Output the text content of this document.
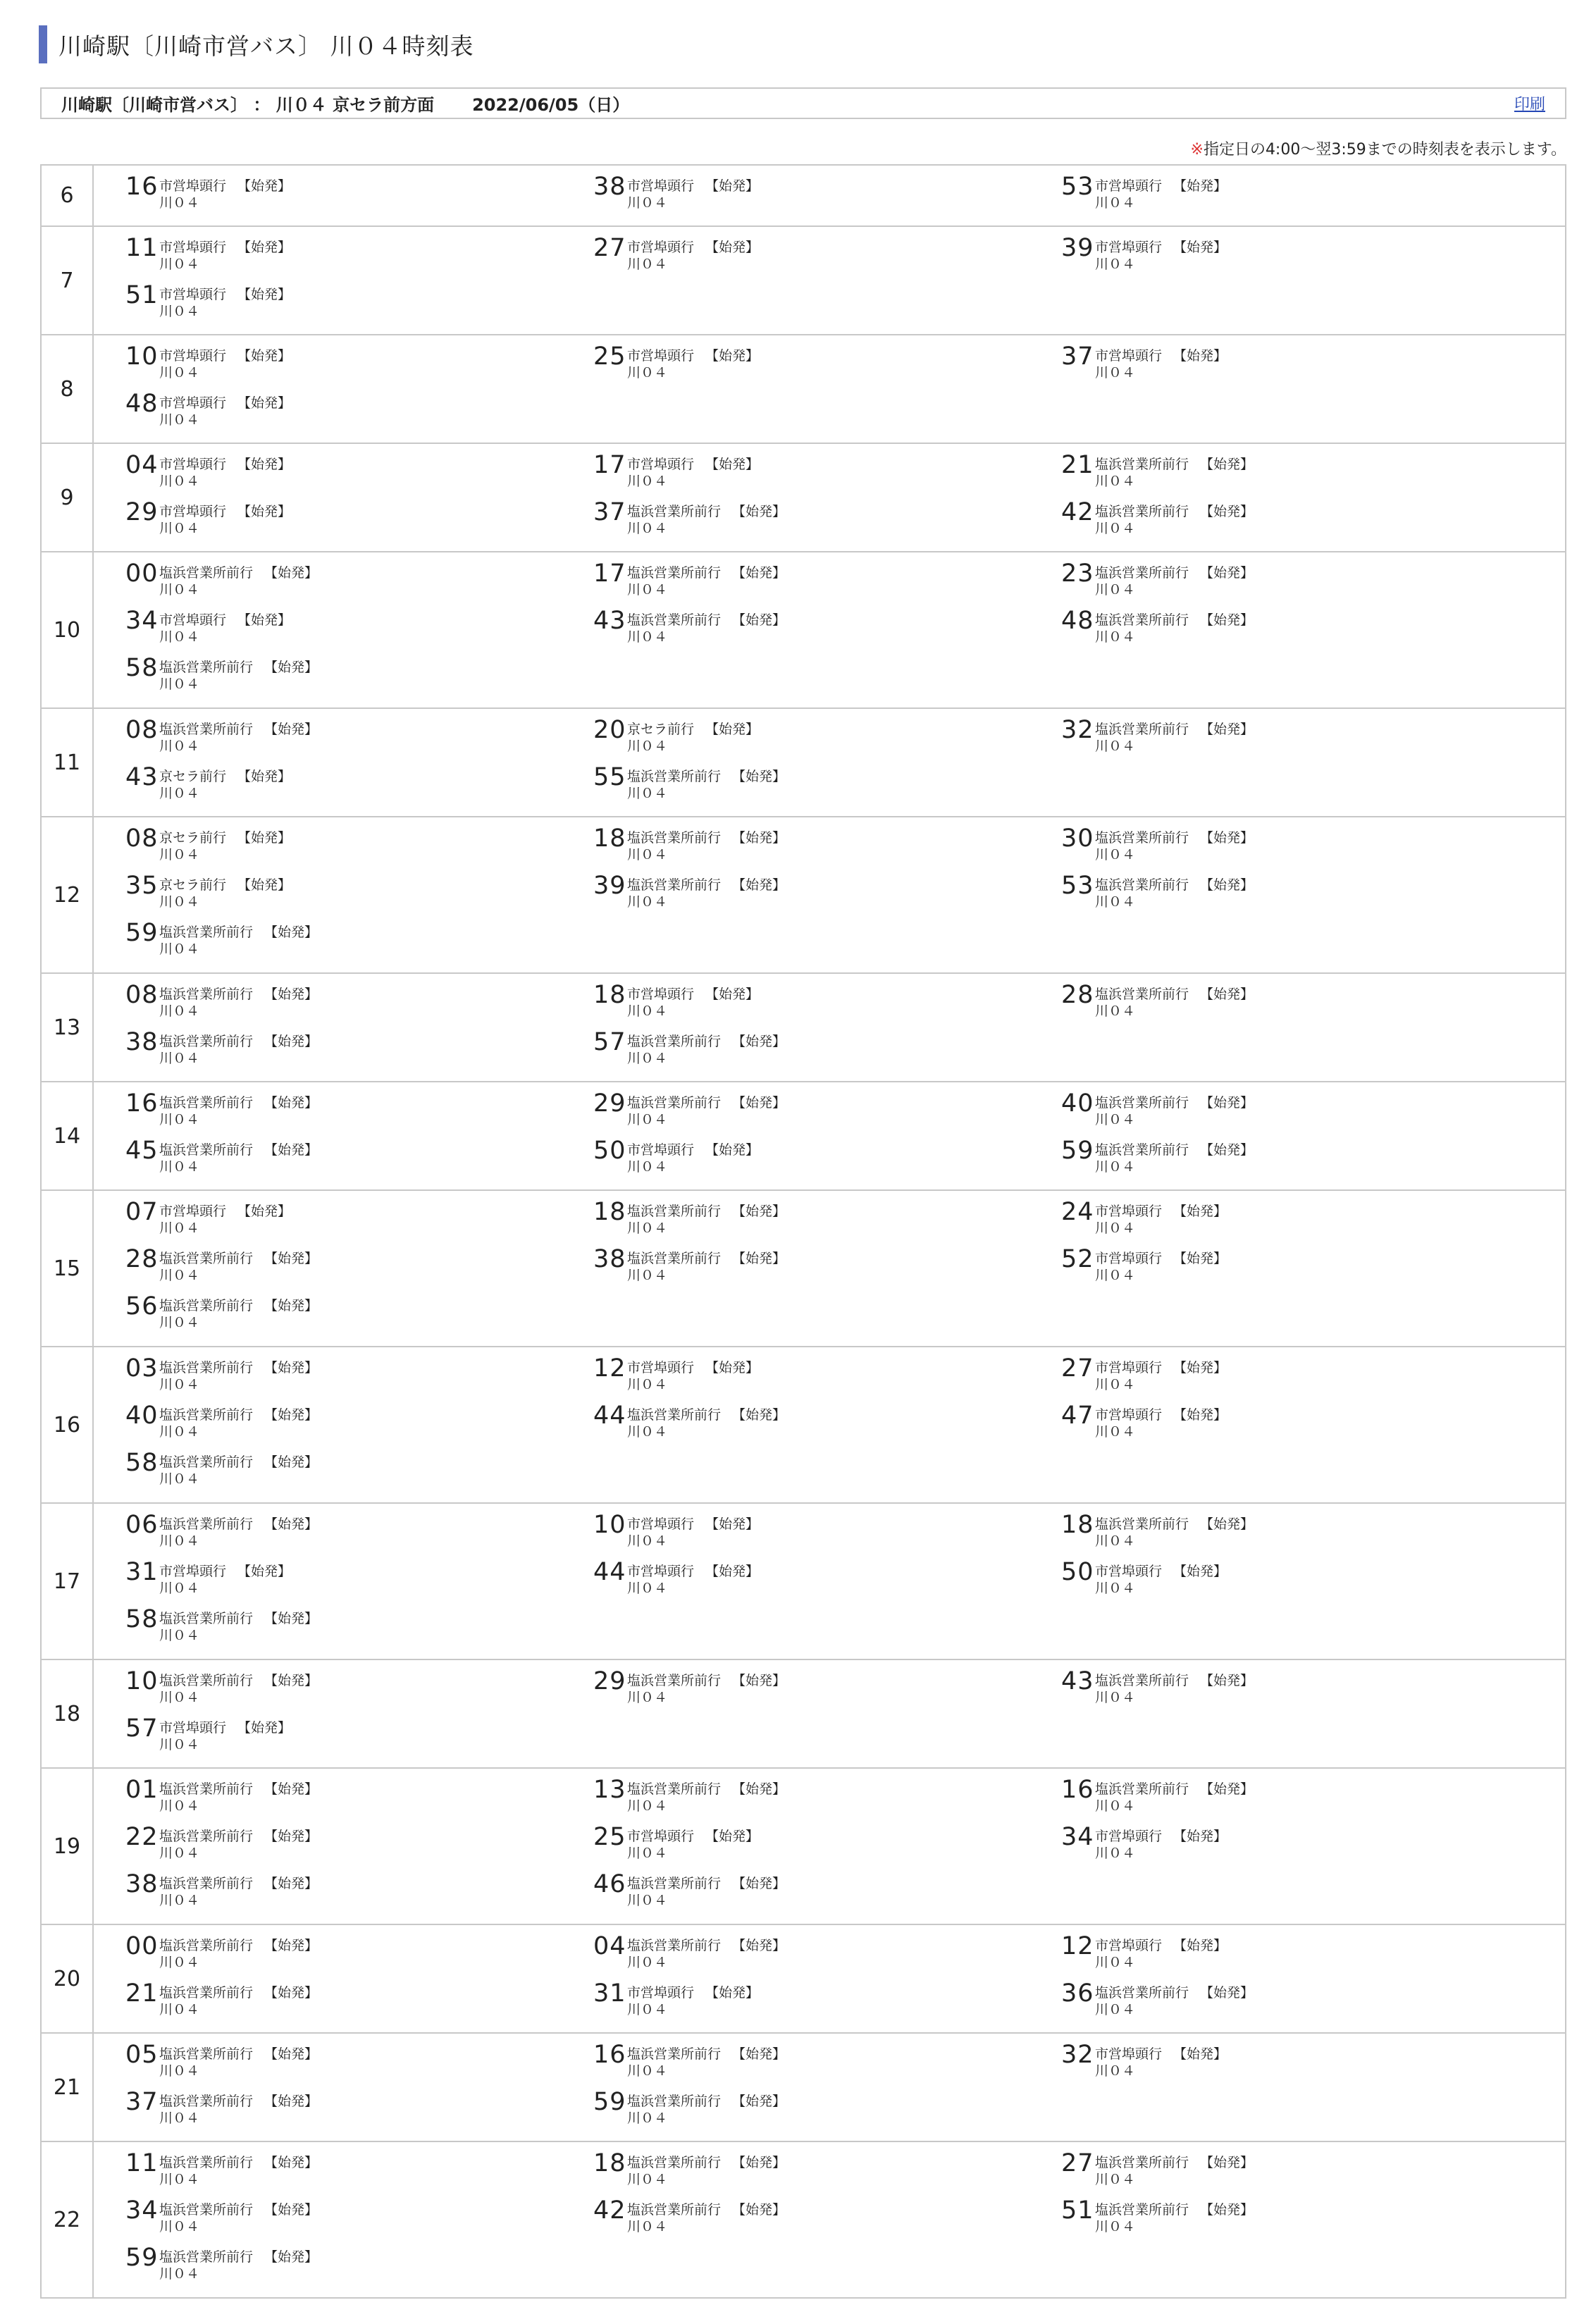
川崎駅〔川崎市営バス〕 川０４時刻表
川崎駅〔川崎市営バス〕 ： 川０４ 京セラ前方面 2022/06/05（日）	印刷
※指定日の4:00〜翌3:59までの時刻表を表示します。
6	16 市営埠頭行 【始発】
川０４
38 市営埠頭行 【始発】
川０４
53 市営埠頭行 【始発】
川０４
7
11 市営埠頭行 【始発】
川０４
27 市営埠頭行 【始発】
川０４
39 市営埠頭行 【始発】
川０４
51 市営埠頭行 【始発】
川０４
8
10 市営埠頭行 【始発】
川０４
25 市営埠頭行 【始発】
川０４
37 市営埠頭行 【始発】
川０４
48 市営埠頭行 【始発】
川０４
9
04 市営埠頭行 【始発】
川０４
17 市営埠頭行 【始発】
川０４
21 塩浜営業所前行 【始発】
川０４
29 市営埠頭行 【始発】
川０４
37 塩浜営業所前行 【始発】
川０４
42 塩浜営業所前行 【始発】
川０４
10
00 塩浜営業所前行 【始発】
川０４
17 塩浜営業所前行 【始発】
川０４
23 塩浜営業所前行 【始発】
川０４
34 市営埠頭行 【始発】
川０４
43 塩浜営業所前行 【始発】
川０４
48 塩浜営業所前行 【始発】
川０４
58 塩浜営業所前行 【始発】
川０４
11
08 塩浜営業所前行 【始発】
川０４
20 京セラ前行 【始発】
川０４
32 塩浜営業所前行 【始発】
川０４
43 京セラ前行 【始発】
川０４
55 塩浜営業所前行 【始発】
川０４
12
08 京セラ前行 【始発】
川０４
18 塩浜営業所前行 【始発】
川０４
30 塩浜営業所前行 【始発】
川０４
35 京セラ前行 【始発】
川０４
39 塩浜営業所前行 【始発】
川０４
53 塩浜営業所前行 【始発】
川０４
59 塩浜営業所前行 【始発】
川０４
13
08 塩浜営業所前行 【始発】
川０４
18 市営埠頭行 【始発】
川０４
28 塩浜営業所前行 【始発】
川０４
38 塩浜営業所前行 【始発】
川０４
57 塩浜営業所前行 【始発】
川０４
14
16 塩浜営業所前行 【始発】
川０４
29 塩浜営業所前行 【始発】
川０４
40 塩浜営業所前行 【始発】
川０４
45 塩浜営業所前行 【始発】
川０４
50 市営埠頭行 【始発】
川０４
59 塩浜営業所前行 【始発】
川０４
15
07 市営埠頭行 【始発】
川０４
18 塩浜営業所前行 【始発】
川０４
24 市営埠頭行 【始発】
川０４
28 塩浜営業所前行 【始発】
川０４
38 塩浜営業所前行 【始発】
川０４
52 市営埠頭行 【始発】
川０４
56 塩浜営業所前行 【始発】
川０４
16
03 塩浜営業所前行 【始発】
川０４
12 市営埠頭行 【始発】
川０４
27 市営埠頭行 【始発】
川０４
40 塩浜営業所前行 【始発】
川０４
44 塩浜営業所前行 【始発】
川０４
47 市営埠頭行 【始発】
川０４
58 塩浜営業所前行 【始発】
川０４
17
06 塩浜営業所前行 【始発】
川０４
10 市営埠頭行 【始発】
川０４
18 塩浜営業所前行 【始発】
川０４
31 市営埠頭行 【始発】
川０４
44 市営埠頭行 【始発】
川０４
50 市営埠頭行 【始発】
川０４
58 塩浜営業所前行 【始発】
川０４
18
10 塩浜営業所前行 【始発】
川０４
29 塩浜営業所前行 【始発】
川０４
43 塩浜営業所前行 【始発】
川０４
57 市営埠頭行 【始発】
川０４
19
01 塩浜営業所前行 【始発】
川０４
13 塩浜営業所前行 【始発】
川０４
16 塩浜営業所前行 【始発】
川０４
22 塩浜営業所前行 【始発】
川０４
25 市営埠頭行 【始発】
川０４
34 市営埠頭行 【始発】
川０４
38 塩浜営業所前行 【始発】
川０４
46 塩浜営業所前行 【始発】
川０４
20
00 塩浜営業所前行 【始発】
川０４
04 塩浜営業所前行 【始発】
川０４
12 市営埠頭行 【始発】
川０４
21 塩浜営業所前行 【始発】
川０４
31 市営埠頭行 【始発】
川０４
36 塩浜営業所前行 【始発】
川０４
21
05 塩浜営業所前行 【始発】
川０４
16 塩浜営業所前行 【始発】
川０４
32 市営埠頭行 【始発】
川０４
37 塩浜営業所前行 【始発】
川０４
59 塩浜営業所前行 【始発】
川０４
22
11 塩浜営業所前行 【始発】
川０４
18 塩浜営業所前行 【始発】
川０４
27 塩浜営業所前行 【始発】
川０４
34 塩浜営業所前行 【始発】
川０４
42 塩浜営業所前行 【始発】
川０４
51 塩浜営業所前行 【始発】
川０４
59 塩浜営業所前行 【始発】
川０４
